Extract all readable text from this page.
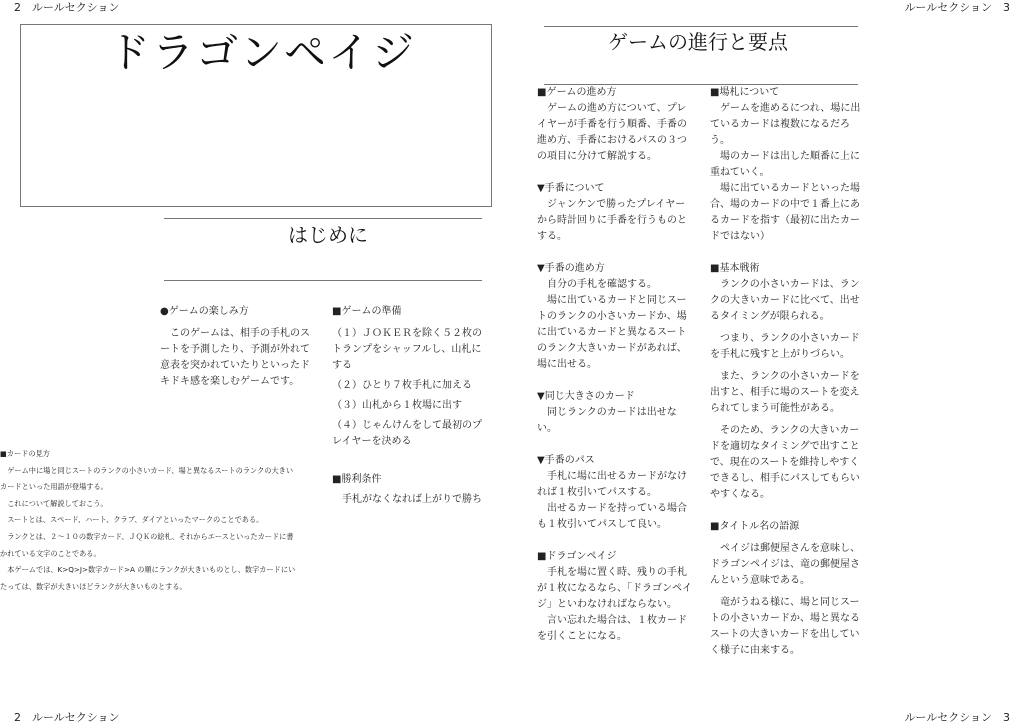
2　ルールセクション	ルールセクション　3
2　ルールセクション	ルールセクション　3
ドラゴンペイジ
はじめに
●ゲームの楽しみ方

このゲームは、相手の手札のスートを予測したり、予測が外れて意表を突かれていたりといったドキドキ感を楽しむゲームです。

■ゲームの準備
（１）ＪＯＫＥＲを除く５２枚のトランプをシャッフルし、山札にする
（２）ひとり７枚手札に加える
（３）山札から１枚場に出す
（４）じゃんけんをして最初のプレイヤーを決める
■勝利条件

手札がなくなれば上がりで勝ち

■カードの見方

ゲーム中に場と同じスートのランクの小さいカード、場と異なるスートのランクの大きいカードといった用語が登場する。

これについて解説しておこう。

スートとは、スペード、ハート、クラブ、ダイアといったマークのことである。

ランクとは、２～１０の数字カード、ＪＱＫの絵札、それからエースといったカードに書かれている文字のことである。

本ゲームでは、K>Q>J>数字カード>A の順にランクが大きいものとし、数字カードにいたっては、数字が大きいほどランクが大きいものとする。

ゲームの進行と要点
■ゲームの進め方

ゲームの進め方について、プレイヤーが手番を行う順番、手番の進め方、手番におけるパスの３つの項目に分けて解説する。

▼手番について

ジャンケンで勝ったプレイヤーから時計回りに手番を行うものとする。

▼手番の進め方

自分の手札を確認する。

場に出ているカードと同じスートのランクの小さいカードか、場に出ているカードと異なるスートのランク大きいカードがあれば、場に出せる。

▼同じ大きさのカード

同じランクのカードは出せない。

▼手番のパス

手札に場に出せるカードがなければ１枚引いてパスする。

出せるカードを持っている場合も１枚引いてパスして良い。

■ドラゴンペイジ

手札を場に置く時、残りの手札が１枚になるなら、「ドラゴンペイジ」といわなければならない。

言い忘れた場合は、１枚カードを引くことになる。

■場札について

ゲームを進めるにつれ、場に出ているカードは複数になるだろう。

場のカードは出した順番に上に重ねていく。

場に出ているカードといった場合、場のカードの中で１番上にあるカードを指す（最初に出たカードではない）

■基本戦術

ランクの小さいカードは、ランクの大きいカードに比べて、出せるタイミングが限られる。

つまり、ランクの小さいカードを手札に残すと上がりづらい。

また、ランクの小さいカードを出すと、相手に場のスートを変えられてしまう可能性がある。

そのため、ランクの大きいカードを適切なタイミングで出すことで、現在のスートを維持しやすくできるし、相手にパスしてもらいやすくなる。

■タイトル名の語源

ペイジは郵便屋さんを意味し、ドラゴンペイジは、竜の郵便屋さんという意味である。

竜がうねる様に、場と同じスートの小さいカードか、場と異なるスートの大きいカードを出していく様子に由来する。
